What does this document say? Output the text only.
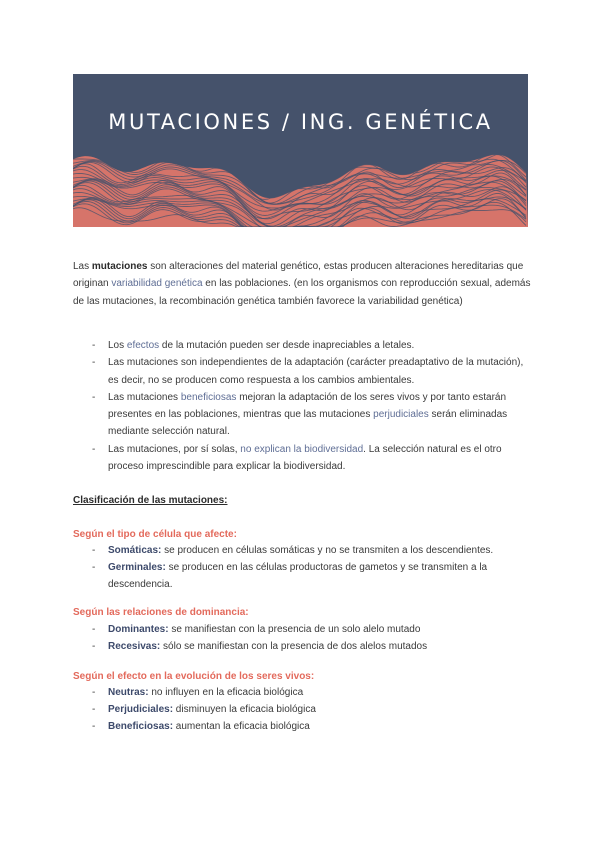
MUTACIONES / ING. GENÉTICA

Las mutaciones son alteraciones del material genético, estas producen alteraciones hereditarias que originan variabilidad genética en las poblaciones. (en los organismos con reproducción sexual, además de las mutaciones, la recombinación genética también favorece la variabilidad genética)

- Los efectos de la mutación pueden ser desde inapreciables a letales.
- Las mutaciones son independientes de la adaptación (carácter preadaptativo de la mutación), es decir, no se producen como respuesta a los cambios ambientales.
- Las mutaciones beneficiosas mejoran la adaptación de los seres vivos y por tanto estarán presentes en las poblaciones, mientras que las mutaciones perjudiciales serán eliminadas mediante selección natural.
- Las mutaciones, por sí solas, no explican la biodiversidad. La selección natural es el otro proceso imprescindible para explicar la biodiversidad.
Clasificación de las mutaciones:
Según el tipo de célula que afecte:
- Somáticas: se producen en células somáticas y no se transmiten a los descendientes.
- Germinales: se producen en las células productoras de gametos y se transmiten a la descendencia.
Según las relaciones de dominancia:
- Dominantes: se manifiestan con la presencia de un solo alelo mutado
- Recesivas: sólo se manifiestan con la presencia de dos alelos mutados
Según el efecto en la evolución de los seres vivos:
- Neutras: no influyen en la eficacia biológica
- Perjudiciales: disminuyen la eficacia biológica
- Beneficiosas: aumentan la eficacia biológica
